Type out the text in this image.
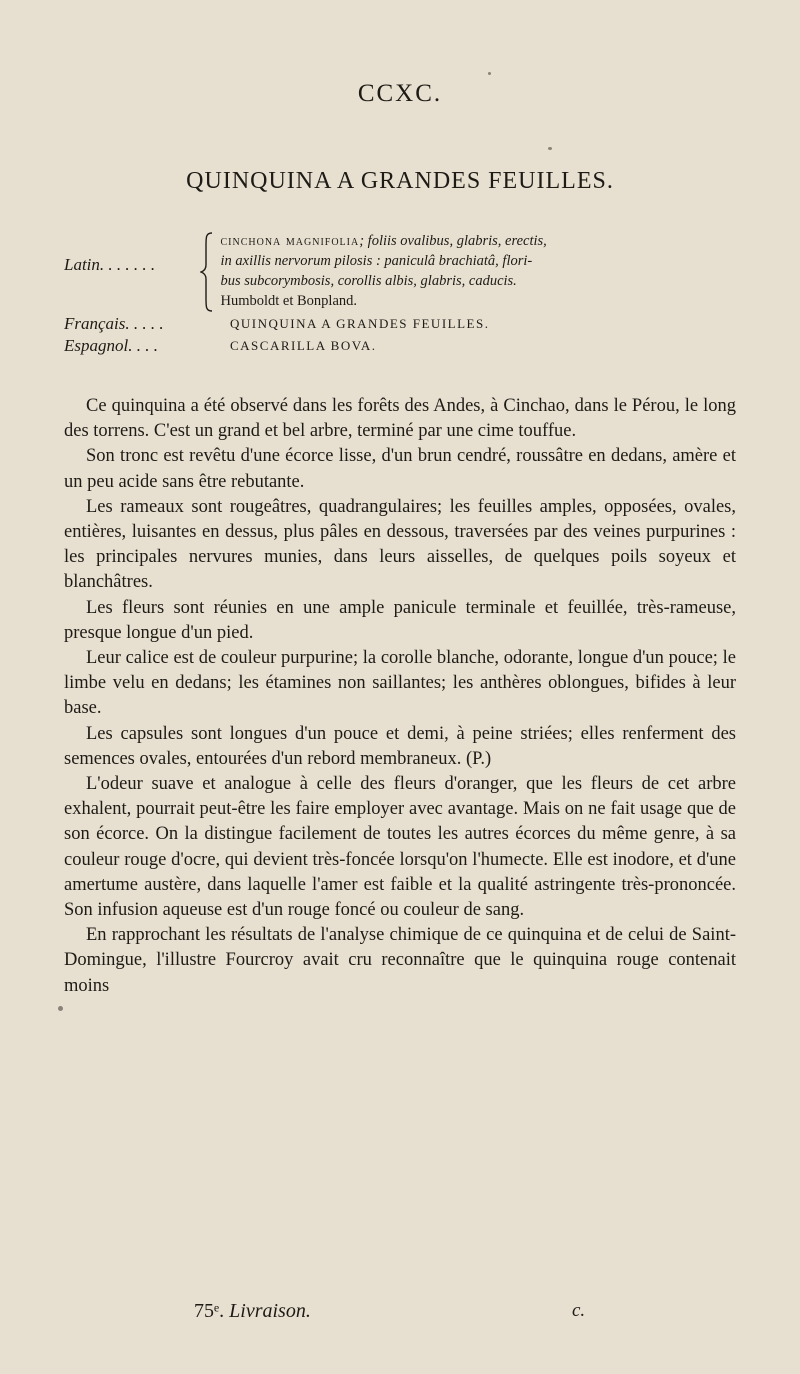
CCXC.
QUINQUINA A GRANDES FEUILLES.
Latin. . . . . . .
cinchona magnifolia; foliis ovalibus, glabris, erectis,
in axillis nervorum pilosis : paniculâ brachiatâ, flori-
bus subcorymbosis, corollis albis, glabris, caducis.
Humboldt et Bonpland.
Français. . . . .	QUINQUINA A GRANDES FEUILLES.
Espagnol. . . .	CASCARILLA BOVA.

Ce quinquina a été observé dans les forêts des Andes, à Cinchao, dans le Pérou, le long des torrens. C'est un grand et bel arbre, terminé par une cime touffue.

Son tronc est revêtu d'une écorce lisse, d'un brun cendré, roussâtre en dedans, amère et un peu acide sans être rebutante.

Les rameaux sont rougeâtres, quadrangulaires; les feuilles amples, opposées, ovales, entières, luisantes en dessus, plus pâles en dessous, traversées par des veines purpurines : les principales nervures munies, dans leurs aisselles, de quelques poils soyeux et blanchâtres.

Les fleurs sont réunies en une ample panicule terminale et feuillée, très-rameuse, presque longue d'un pied.

Leur calice est de couleur purpurine; la corolle blanche, odorante, longue d'un pouce; le limbe velu en dedans; les étamines non saillantes; les anthères oblongues, bifides à leur base.

Les capsules sont longues d'un pouce et demi, à peine striées; elles renferment des semences ovales, entourées d'un rebord membraneux. (P.)

L'odeur suave et analogue à celle des fleurs d'oranger, que les fleurs de cet arbre exhalent, pourrait peut-être les faire employer avec avantage. Mais on ne fait usage que de son écorce. On la distingue facilement de toutes les autres écorces du même genre, à sa couleur rouge d'ocre, qui devient très-foncée lorsqu'on l'humecte. Elle est inodore, et d'une amertume austère, dans laquelle l'amer est faible et la qualité astringente très-prononcée. Son infusion aqueuse est d'un rouge foncé ou couleur de sang.

En rapprochant les résultats de l'analyse chimique de ce quinquina et de celui de Saint-Domingue, l'illustre Fourcroy avait cru reconnaître que le quinquina rouge contenait moins

75ᵉ. Livraison.	c.
